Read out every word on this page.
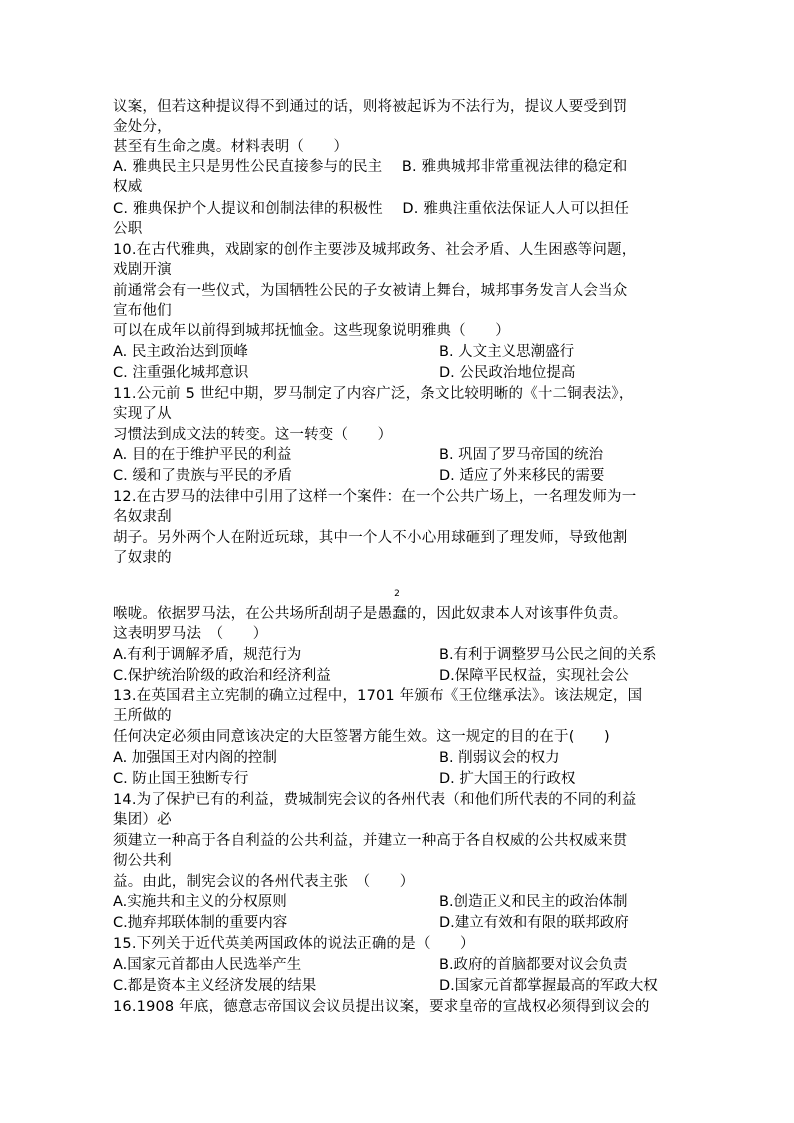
议案，但若这种提议得不到通过的话，则将被起诉为不法行为，提议人要受到罚
金处分，
甚至有生命之虞。材料表明（　　）
A. 雅典民主只是男性公民直接参与的民主　 B. 雅典城邦非常重视法律的稳定和
权威
C. 雅典保护个人提议和创制法律的积极性　 D. 雅典注重依法保证人人可以担任
公职
10.在古代雅典，戏剧家的创作主要涉及城邦政务、社会矛盾、人生困惑等问题，
戏剧开演
前通常会有一些仪式，为国牺牲公民的子女被请上舞台，城邦事务发言人会当众
宣布他们
可以在成年以前得到城邦抚恤金。这些现象说明雅典（　　）
A. 民主政治达到顶峰	B. 人文主义思潮盛行
C. 注重强化城邦意识	D. 公民政治地位提高
11.公元前 5 世纪中期，罗马制定了内容广泛，条文比较明晰的《十二铜表法》，
实现了从
习惯法到成文法的转变。这一转变（　　）
A. 目的在于维护平民的利益	B. 巩固了罗马帝国的统治
C. 缓和了贵族与平民的矛盾	D. 适应了外来移民的需要
12.在古罗马的法律中引用了这样一个案件：在一个公共广场上，一名理发师为一
名奴隶刮
胡子。另外两个人在附近玩球，其中一个人不小心用球砸到了理发师，导致他割
了奴隶的
2
喉咙。依据罗马法，在公共场所刮胡子是愚蠢的，因此奴隶本人对该事件负责。
这表明罗马法　（　　）
A.有利于调解矛盾，规范行为	B.有利于调整罗马公民之间的关系
C.保护统治阶级的政治和经济利益	D.保障平民权益，实现社会公
13.在英国君主立宪制的确立过程中，1701 年颁布《王位继承法》。该法规定，国
王所做的
任何决定必须由同意该决定的大臣签署方能生效。这一规定的目的在于(　　)
A. 加强国王对内阁的控制	B. 削弱议会的权力
C. 防止国王独断专行	D. 扩大国王的行政权
14.为了保护已有的利益，费城制宪会议的各州代表（和他们所代表的不同的利益
集团）必
须建立一种高于各自利益的公共利益，并建立一种高于各自权威的公共权威来贯
彻公共利
益。由此，制宪会议的各州代表主张　（　　）
A.实施共和主义的分权原则	B.创造正义和民主的政治体制
C.抛弃邦联体制的重要内容	D.建立有效和有限的联邦政府
15.下列关于近代英美两国政体的说法正确的是（　　）
A.国家元首都由人民选举产生	B.政府的首脑都要对议会负责
C.都是资本主义经济发展的结果	D.国家元首都掌握最高的军政大权
16.1908 年底，德意志帝国议会议员提出议案，要求皇帝的宣战权必须得到议会的
